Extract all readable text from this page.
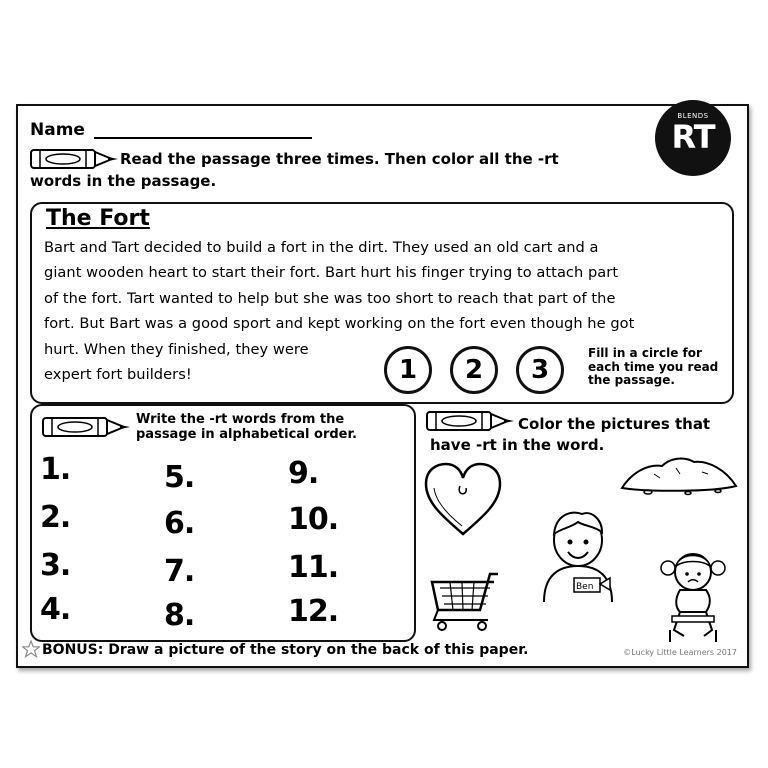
Name
BLENDS
RT
Read the passage three times. Then color all the -rt
words in the passage.
The Fort
Bart and Tart decided to build a fort in the dirt. They used an old cart and a
giant wooden heart to start their fort. Bart hurt his finger trying to attach part
of the fort. Tart wanted to help but she was too short to reach that part of the
fort. But Bart was a good sport and kept working on the fort even though he got
hurt. When they finished, they were
expert fort builders!	1	2	3
Fill in a circle for
each time you read
the passage.
Write the -rt words from the
passage in alphabetical order.
1.
2.
3.
4.
5.
6.
7.
8.
9.
10.
11.
12.
Color the pictures that
have -rt in the word.
Ben
BONUS: Draw a picture of the story on the back of this paper.	©Lucky Little Learners 2017
